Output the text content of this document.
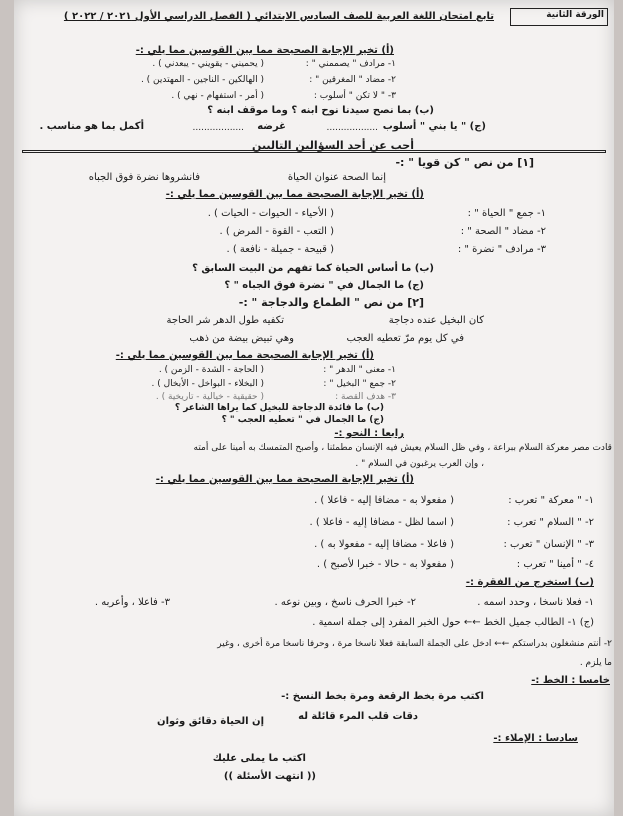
الورقة الثانية
تابع امتحان اللغة العربية للصف السادس الابتدائي ( الفصل الدراسي الأول ٢٠٢١ / ٢٠٢٢ )
(أ) تخير الإجابة الصحيحة مما بين القوسين مما يلي :-
١- مرادف " يصممني " :
( يحميني - يقويني - يبعدني ) .
٢- مضاد " المغرقين " :
( الهالكين - الناجين - المهتدين ) .
٣- " لا تكن " أسلوب :
( أمر - استفهام - نهي ) .
(ب) بما نصح سيدنا نوح ابنه ؟ وما موقف ابنه ؟
(ج) " يا بني " أسلوب
..................
غرضه
..................
أكمل بما هو مناسب .
أجب عن أحد السؤالين التاليين
[١] من نص " كن قويا " :-
إنما الصحة عنوان الحياة
فانشروها نضرة فوق الجباه
(أ) تخير الإجابة الصحيحة مما بين القوسين مما يلي :-
١- جمع " الحياة " :
( الأحياء - الحيوات - الحيات ) .
٢- مضاد " الصحة " :
( التعب - القوة - المرض ) .
٣- مرادف " نضرة " :
( قبيحة - جميلة - نافعة ) .
(ب) ما أساس الحياة كما تفهم من البيت السابق ؟
(ج) ما الجمال في " نضرة فوق الجباه " ؟
[٢] من نص " الطماع والدجاجة " :-
كان البخيل عنده دجاجة
تكفيه طول الدهر شر الحاجة
في كل يوم مرّ تعطيه العجب
وهي تبيض بيضة من ذهب
(أ) تخير الإجابة الصحيحة مما بين القوسين مما يلي :-
١- معنى " الدهر " :
( الحاجة - الشدة - الزمن ) .
٢- جمع " البخيل " :
( البخلاء - البواخل - الأبخال ) .
٣- هدف القصة :
( حقيقية - خيالية - تاريخية ) .
(ب) ما فائدة الدجاجة للبخيل كما يراها الشاعر ؟
(ج) ما الجمال في " تعطيه العجب " ؟
رابعا : النحو :-
قادت مصر معركة السلام ببراعة ، وفي ظل السلام يعيش فيه الإنسان مطمئنا ، وأصبح المتمسك به أمينا على أمته
، وإن العرب يرغبون في السلام " .
(أ) تخير الإجابة الصحيحة مما بين القوسين مما يلي :-
١- " معركة " تعرب :
( مفعولا به - مضافا إليه - فاعلا ) .
٢- " السلام " تعرب :
( اسما لظل - مضافا إليه - فاعلا ) .
٣- " الإنسان " تعرب :
( فاعلا - مضافا إليه - مفعولا به ) .
٤- " أمينا " تعرب :
( مفعولا به - حالا - خبرا لأصبح ) .
(ب) استخرج من الفقرة :-
١- فعلا ناسخا ، وحدد اسمه .
٢- خبرا الحرف ناسخ ، وبين نوعه .
٣- فاعلا ، وأعربه .
(ج) ١- الطالب جميل الخط ←← حول الخبر المفرد إلى جملة اسمية .
٢- أنتم منشغلون بدراستكم ←← ادخل على الجملة السابقة فعلا ناسخا مرة ، وحرفا ناسخا مرة أخرى ، وغير
ما يلزم .
خامسا : الخط :-
اكتب مرة بخط الرقعة ومرة بخط النسخ :-
دقات قلب المرء قائلة له
إن الحياة دقائق وثوان
سادسا : الإملاء :-
اكتب ما يملى عليك
(( انتهت الأسئلة ))
